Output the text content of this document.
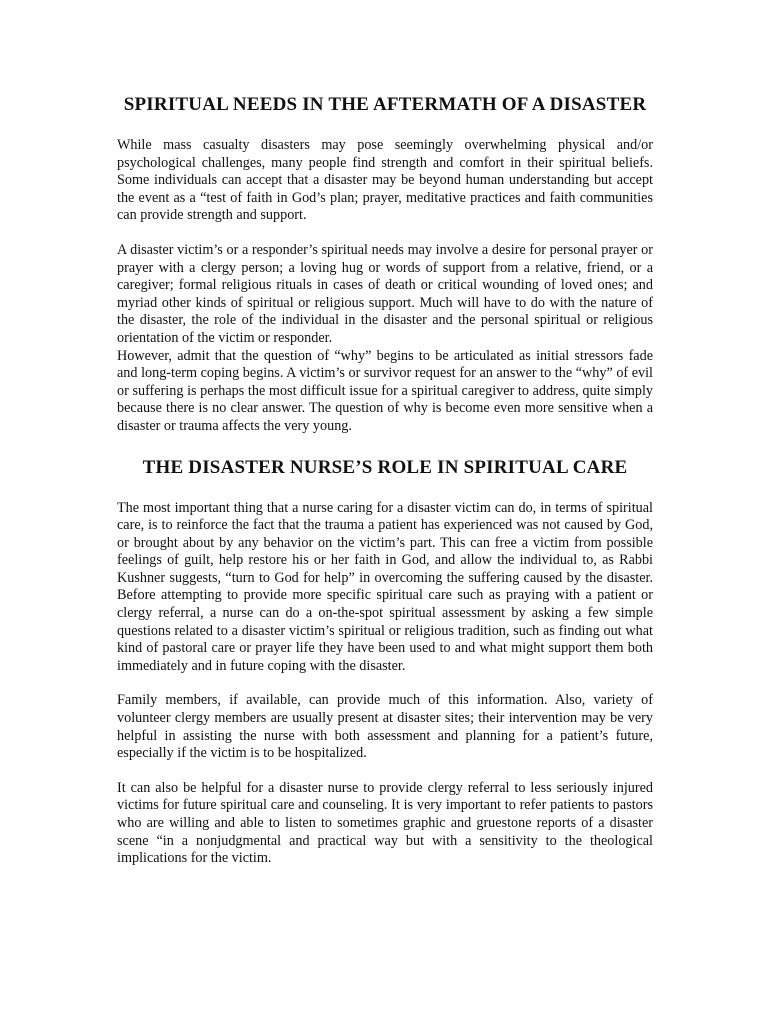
SPIRITUAL NEEDS IN THE AFTERMATH OF A DISASTER

While mass casualty disasters may pose seemingly overwhelming physical and/or psychological challenges, many people find strength and comfort in their spiritual beliefs. Some individuals can accept that a disaster may be beyond human understanding but accept the event as a “test of faith in God’s plan; prayer, meditative practices and faith communities can provide strength and support.

A disaster victim’s or a responder’s spiritual needs may involve a desire for personal prayer or prayer with a clergy person; a loving hug or words of support from a relative, friend, or a caregiver; formal religious rituals in cases of death or critical wounding of loved ones; and myriad other kinds of spiritual or religious support. Much will have to do with the nature of the disaster, the role of the individual in the disaster and the personal spiritual or religious orientation of the victim or responder.

However, admit that the question of “why” begins to be articulated as initial stressors fade and long-term coping begins. A victim’s or survivor request for an answer to the “why” of evil or suffering is perhaps the most difficult issue for a spiritual caregiver to address, quite simply because there is no clear answer. The question of why is become even more sensitive when a disaster or trauma affects the very young.

THE DISASTER NURSE’S ROLE IN SPIRITUAL CARE

The most important thing that a nurse caring for a disaster victim can do, in terms of spiritual care, is to reinforce the fact that the trauma a patient has experienced was not caused by God, or brought about by any behavior on the victim’s part. This can free a victim from possible feelings of guilt, help restore his or her faith in God, and allow the individual to, as Rabbi Kushner suggests, “turn to God for help” in overcoming the suffering caused by the disaster. Before attempting to provide more specific spiritual care such as praying with a patient or clergy referral, a nurse can do a on-the-spot spiritual assessment by asking a few simple questions related to a disaster victim’s spiritual or religious tradition, such as finding out what kind of pastoral care or prayer life they have been used to and what might support them both immediately and in future coping with the disaster.

Family members, if available, can provide much of this information. Also, variety of volunteer clergy members are usually present at disaster sites; their intervention may be very helpful in assisting the nurse with both assessment and planning for a patient’s future, especially if the victim is to be hospitalized.

It can also be helpful for a disaster nurse to provide clergy referral to less seriously injured victims for future spiritual care and counseling. It is very important to refer patients to pastors who are willing and able to listen to sometimes graphic and gruestone reports of a disaster scene “in a nonjudgmental and practical way but with a sensitivity to the theological implications for the victim.
